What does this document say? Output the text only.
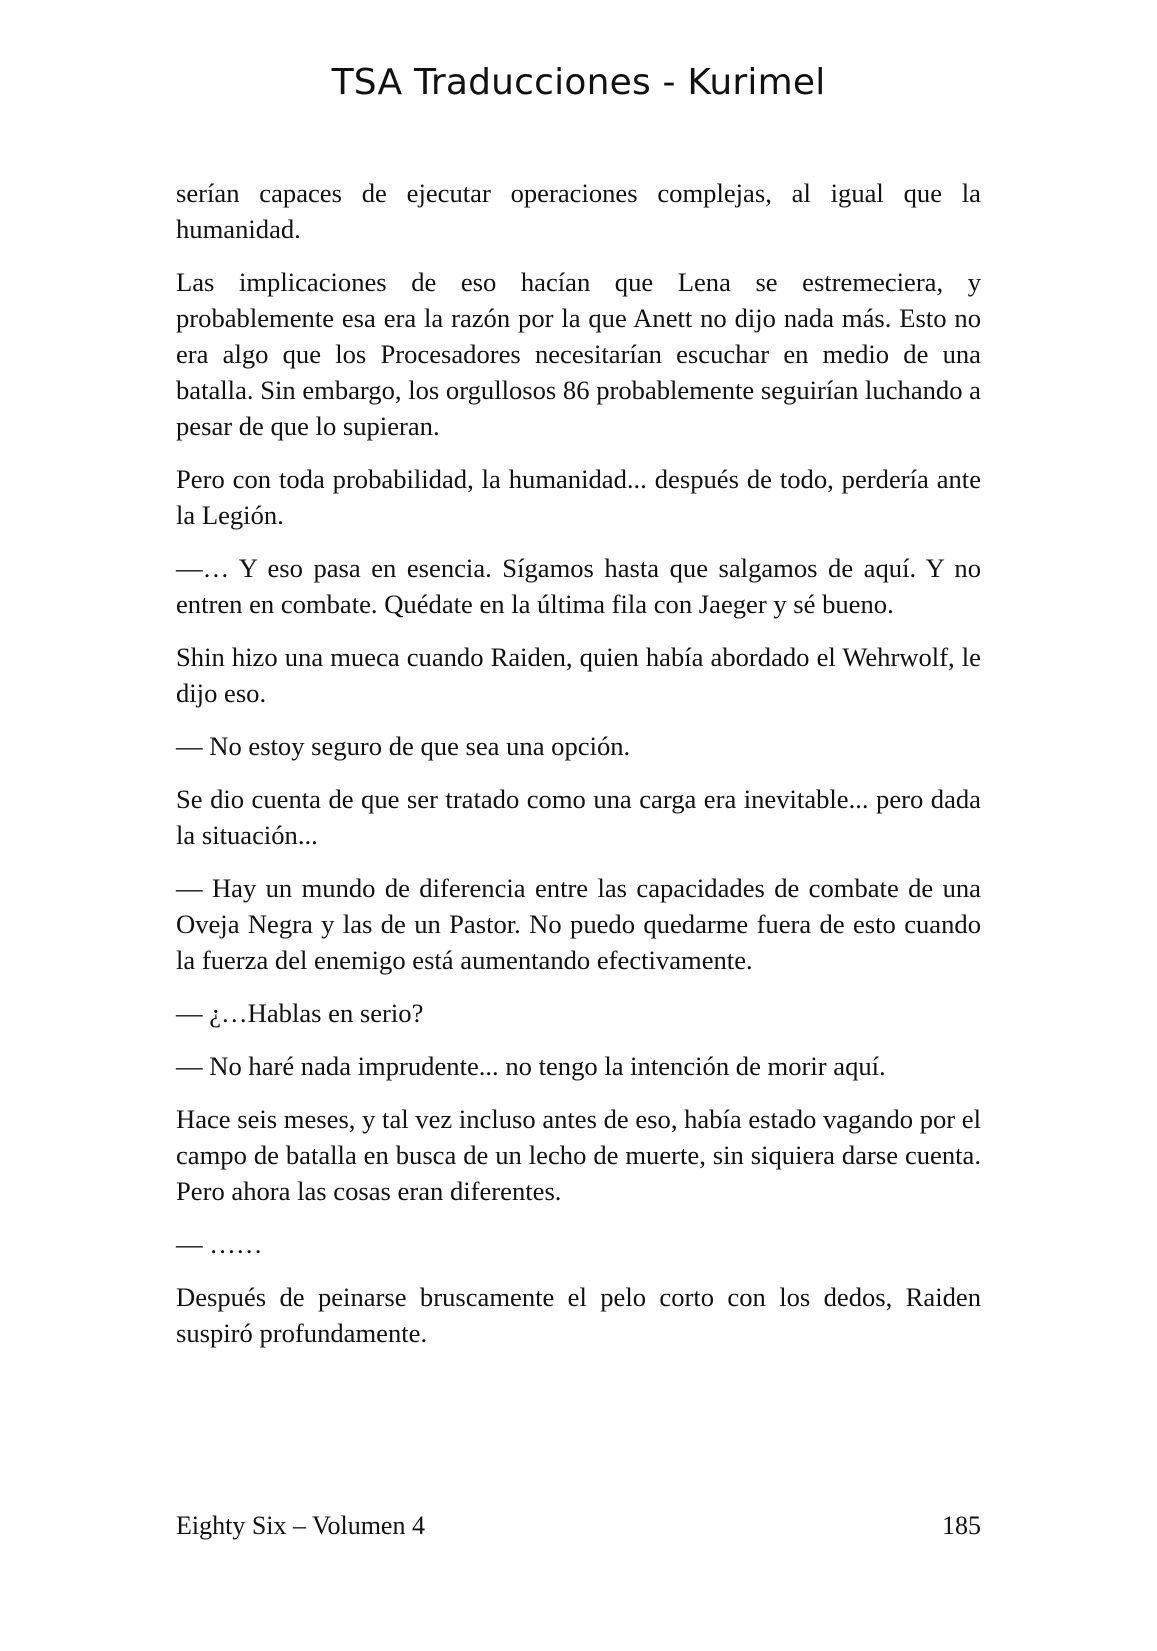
TSA Traducciones - Kurimel

serían capaces de ejecutar operaciones complejas, al igual que la humanidad.

Las implicaciones de eso hacían que Lena se estremeciera, y probablemente esa era la razón por la que Anett no dijo nada más. Esto no era algo que los Procesadores necesitarían escuchar en medio de una batalla. Sin embargo, los orgullosos 86 probablemente seguirían luchando a pesar de que lo supieran.

Pero con toda probabilidad, la humanidad... después de todo, perdería ante la Legión.

—… Y eso pasa en esencia. Sígamos hasta que salgamos de aquí. Y no entren en combate. Quédate en la última fila con Jaeger y sé bueno.

Shin hizo una mueca cuando Raiden, quien había abordado el Wehrwolf, le dijo eso.

— No estoy seguro de que sea una opción.

Se dio cuenta de que ser tratado como una carga era inevitable... pero dada la situación...

— Hay un mundo de diferencia entre las capacidades de combate de una Oveja Negra y las de un Pastor. No puedo quedarme fuera de esto cuando la fuerza del enemigo está aumentando efectivamente.

— ¿…Hablas en serio?

— No haré nada imprudente... no tengo la intención de morir aquí.

Hace seis meses, y tal vez incluso antes de eso, había estado vagando por el campo de batalla en busca de un lecho de muerte, sin siquiera darse cuenta. Pero ahora las cosas eran diferentes.

— ……

Después de peinarse bruscamente el pelo corto con los dedos, Raiden suspiró profundamente.

Eighty Six – Volumen 4	185
